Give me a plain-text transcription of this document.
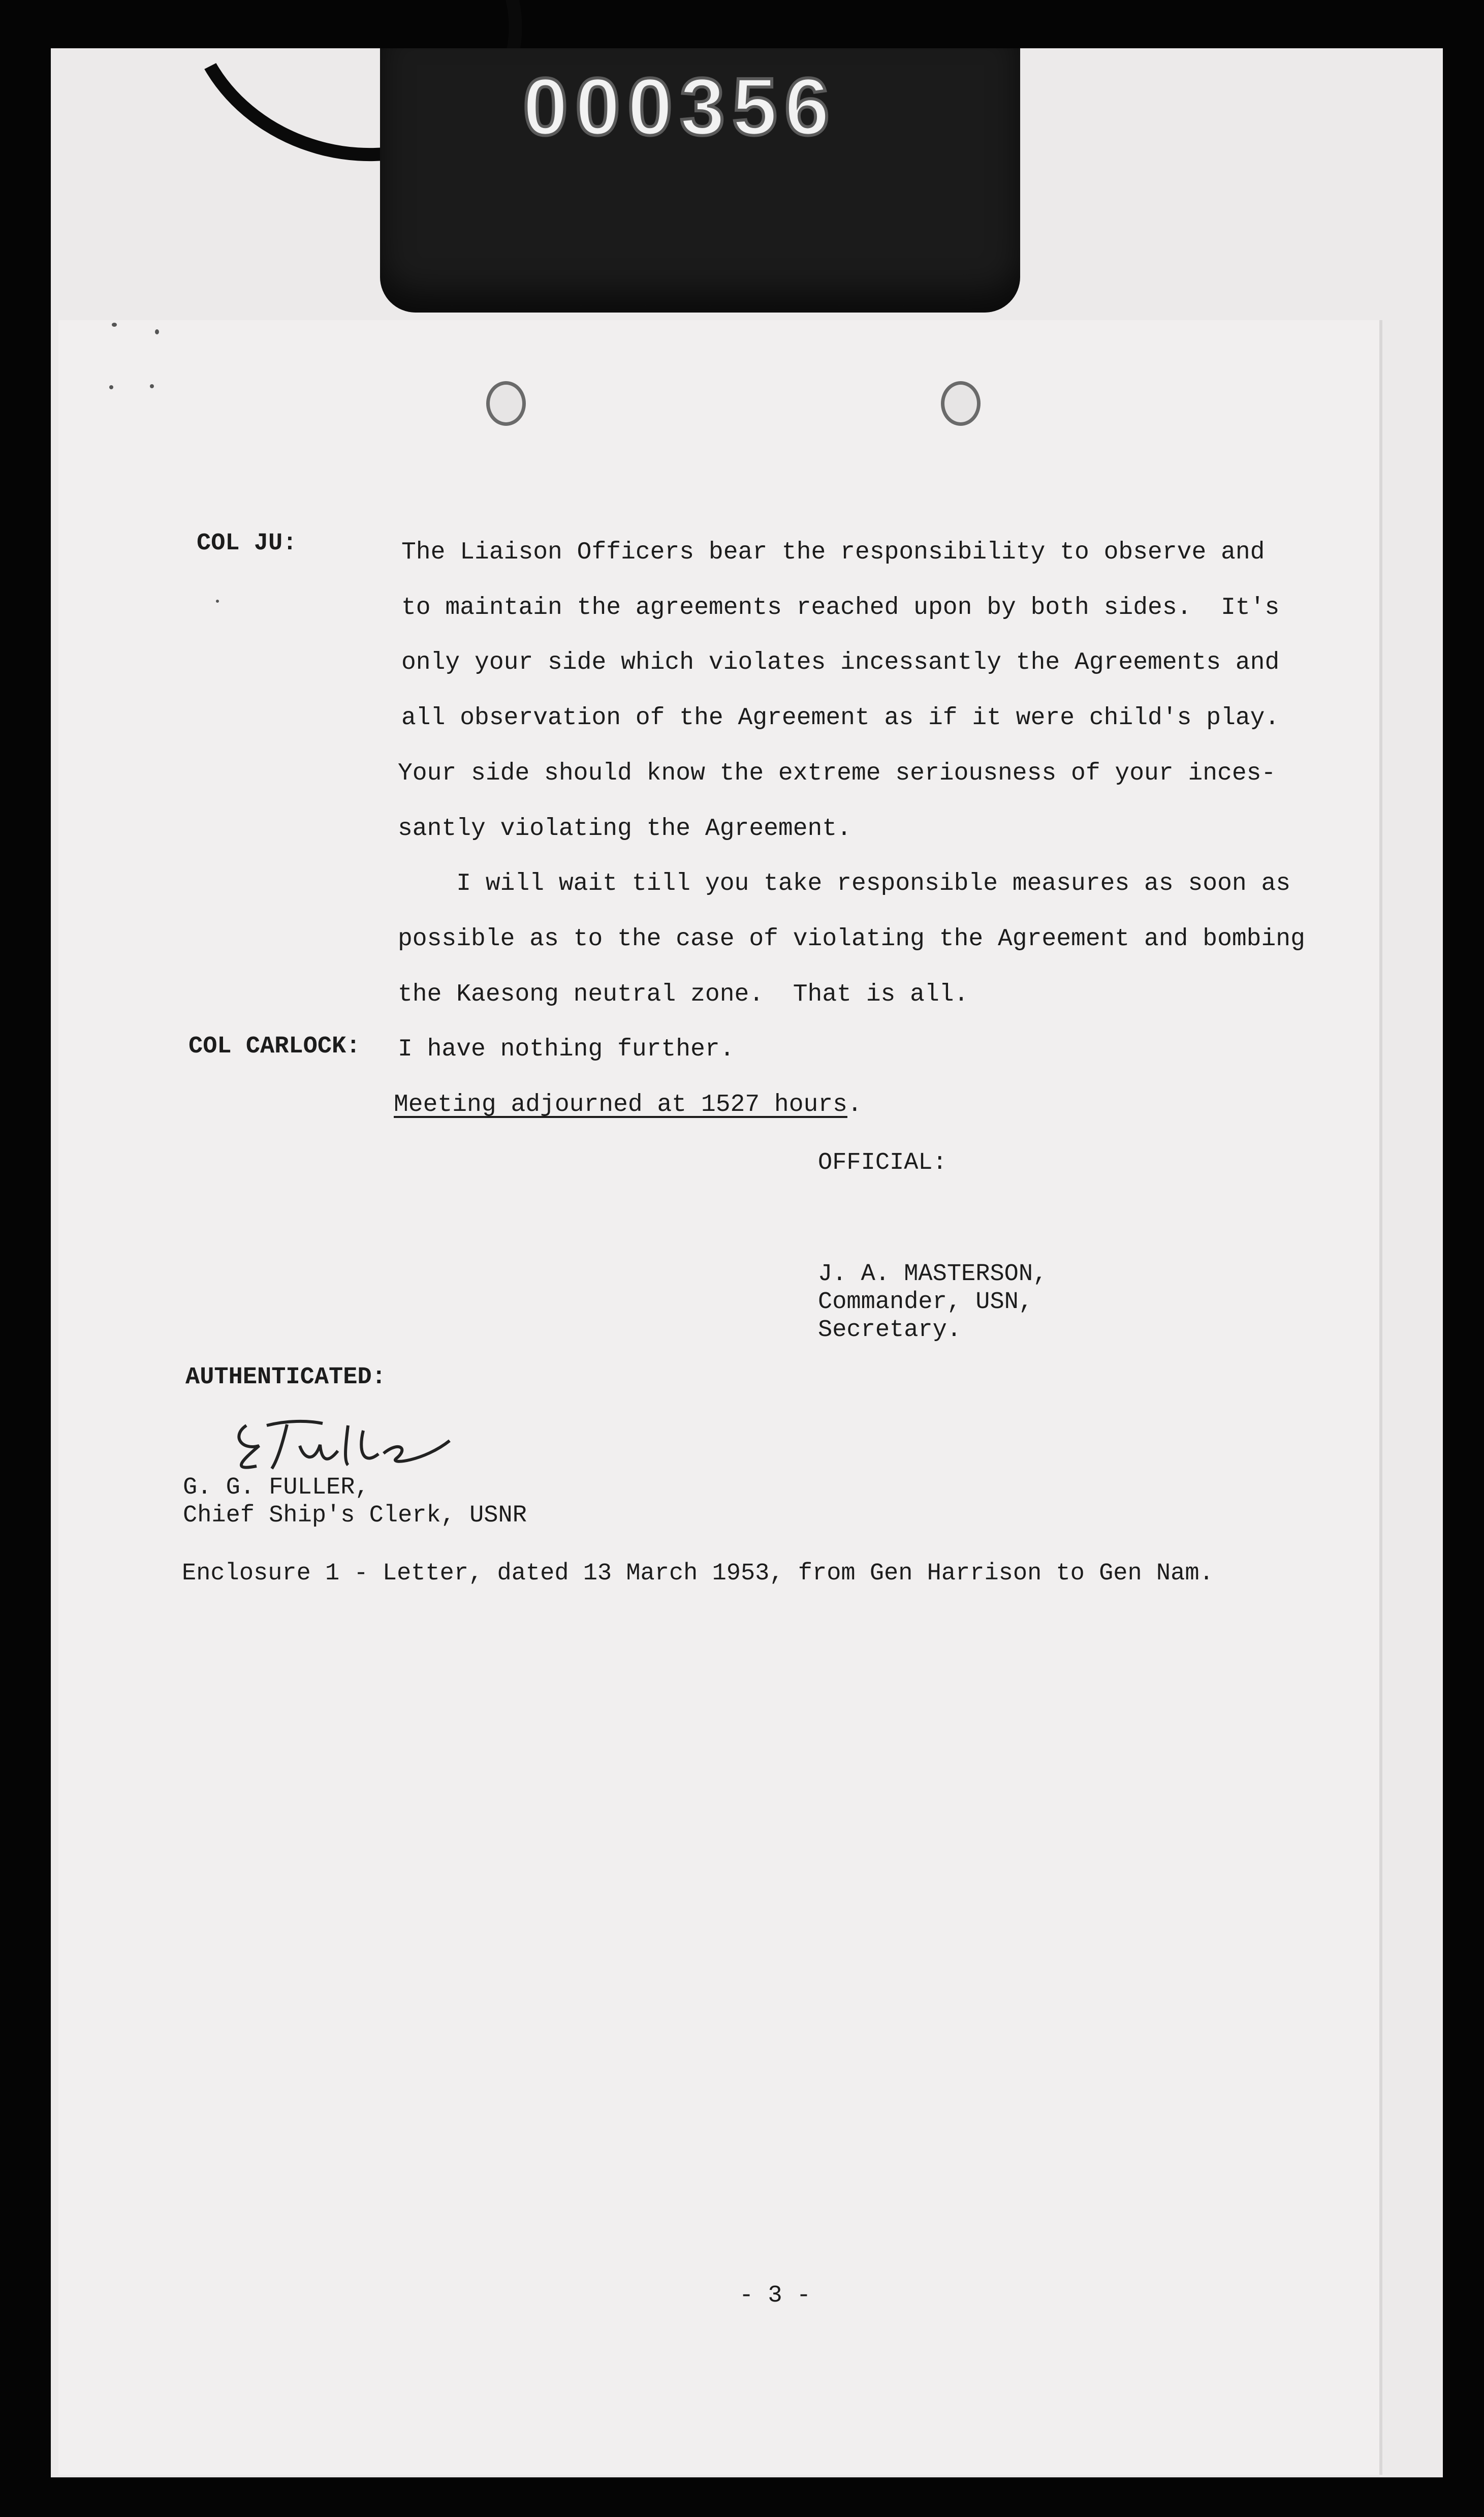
000356
COL JU:	The Liaison Officers bear the responsibility to observe and
to maintain the agreements reached upon by both sides.  It's
only your side which violates incessantly the Agreements and
all observation of the Agreement as if it were child's play.
Your side should know the extreme seriousness of your inces-
santly violating the Agreement.
I will wait till you take responsible measures as soon as
possible as to the case of violating the Agreement and bombing
the Kaesong neutral zone.  That is all.
COL CARLOCK: I have nothing further.
Meeting adjourned at 1527 hours.
OFFICIAL:
J. A. MASTERSON,
Commander, USN,
Secretary.
AUTHENTICATED:
G. G. FULLER,
Chief Ship's Clerk, USNR
Enclosure 1 - Letter, dated 13 March 1953, from Gen Harrison to Gen Nam.
- 3 -
